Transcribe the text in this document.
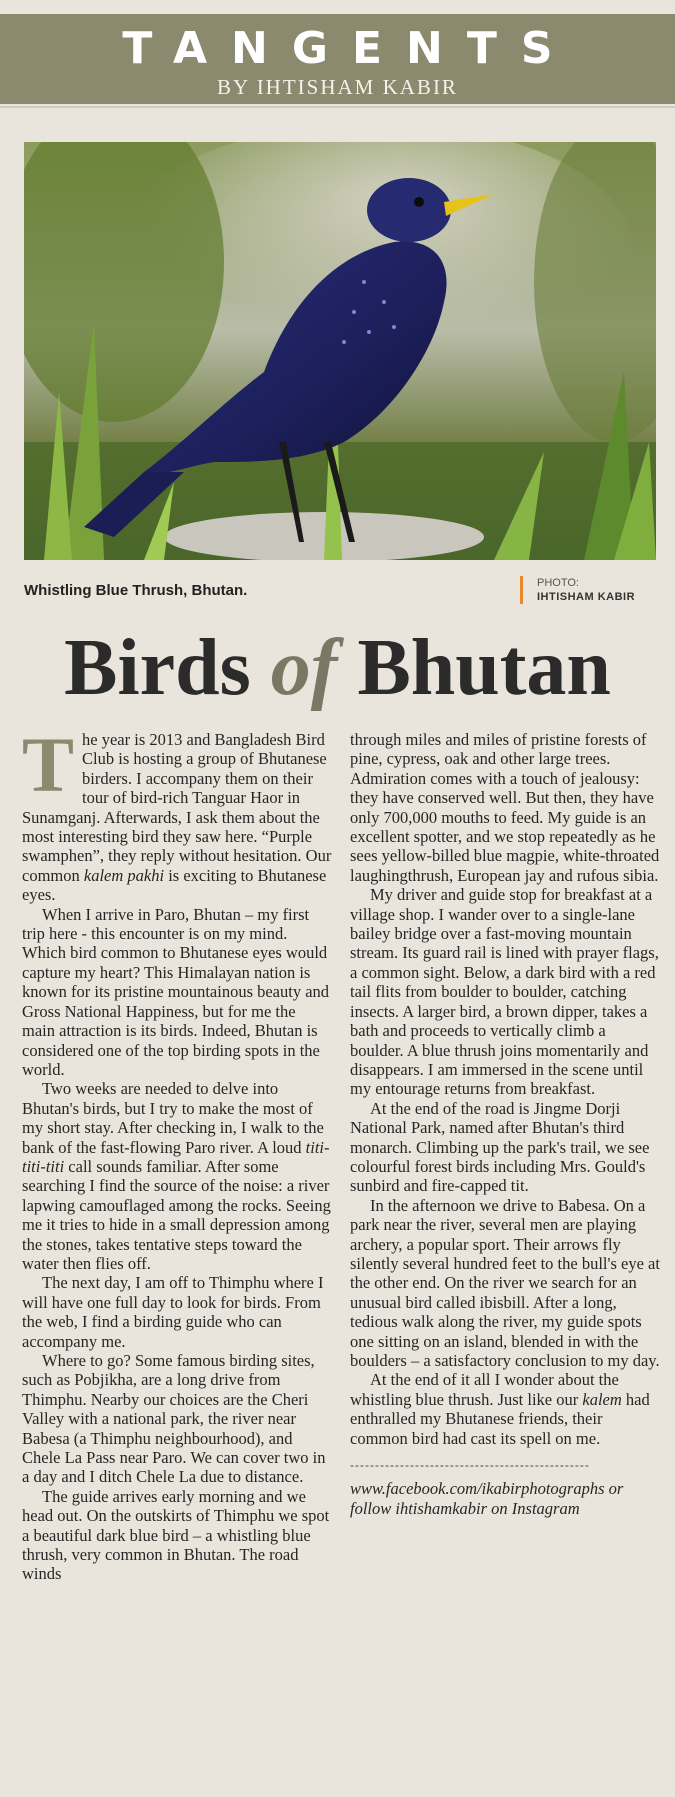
TANGENTS
BY IHTISHAM KABIR
Whistling Blue Thrush, Bhutan.	PHOTO:
IHTISHAM KABIR
Birds of Bhutan

The year is 2013 and Bangladesh Bird Club is hosting a group of Bhutanese birders. I accompany them on their tour of bird-rich Tanguar Haor in Sunamganj. Afterwards, I ask them about the most interesting bird they saw here. “Purple swamphen”, they reply without hesitation. Our common kalem pakhi is exciting to Bhutanese eyes.

When I arrive in Paro, Bhutan – my first trip here - this encounter is on my mind. Which bird common to Bhutanese eyes would capture my heart? This Himalayan nation is known for its pristine mountainous beauty and Gross National Happiness, but for me the main attraction is its birds. Indeed, Bhutan is considered one of the top birding spots in the world.

Two weeks are needed to delve into Bhutan's birds, but I try to make the most of my short stay. After checking in, I walk to the bank of the fast-flowing Paro river. A loud titi-titi-titi call sounds familiar. After some searching I find the source of the noise: a river lapwing camouflaged among the rocks. Seeing me it tries to hide in a small depression among the stones, takes tentative steps toward the water then flies off.

The next day, I am off to Thimphu where I will have one full day to look for birds. From the web, I find a birding guide who can accompany me.

Where to go? Some famous birding sites, such as Pobjikha, are a long drive from Thimphu. Nearby our choices are the Cheri Valley with a national park, the river near Babesa (a Thimphu neighbourhood), and Chele La Pass near Paro. We can cover two in a day and I ditch Chele La due to distance.

The guide arrives early morning and we head out. On the outskirts of Thimphu we spot a beautiful dark blue bird – a whistling blue thrush, very common in Bhutan. The road winds

through miles and miles of pristine forests of pine, cypress, oak and other large trees. Admiration comes with a touch of jealousy: they have conserved well. But then, they have only 700,000 mouths to feed. My guide is an excellent spotter, and we stop repeatedly as he sees yellow-billed blue magpie, white-throated laughingthrush, European jay and rufous sibia.

My driver and guide stop for breakfast at a village shop. I wander over to a single-lane bailey bridge over a fast-moving mountain stream. Its guard rail is lined with prayer flags, a common sight. Below, a dark bird with a red tail flits from boulder to boulder, catching insects. A larger bird, a brown dipper, takes a bath and proceeds to vertically climb a boulder. A blue thrush joins momentarily and disappears. I am immersed in the scene until my entourage returns from breakfast.

At the end of the road is Jingme Dorji National Park, named after Bhutan's third monarch. Climbing up the park's trail, we see colourful forest birds including Mrs. Gould's sunbird and fire-capped tit.

In the afternoon we drive to Babesa. On a park near the river, several men are playing archery, a popular sport. Their arrows fly silently several hundred feet to the bull's eye at the other end. On the river we search for an unusual bird called ibisbill. After a long, tedious walk along the river, my guide spots one sitting on an island, blended in with the boulders – a satisfactory conclusion to my day.

At the end of it all I wonder about the whistling blue thrush. Just like our kalem had enthralled my Bhutanese friends, their common bird had cast its spell on me.

------------------------------------------------
www.facebook.com/ikabirphotographs or follow ihtishamkabir on Instagram
